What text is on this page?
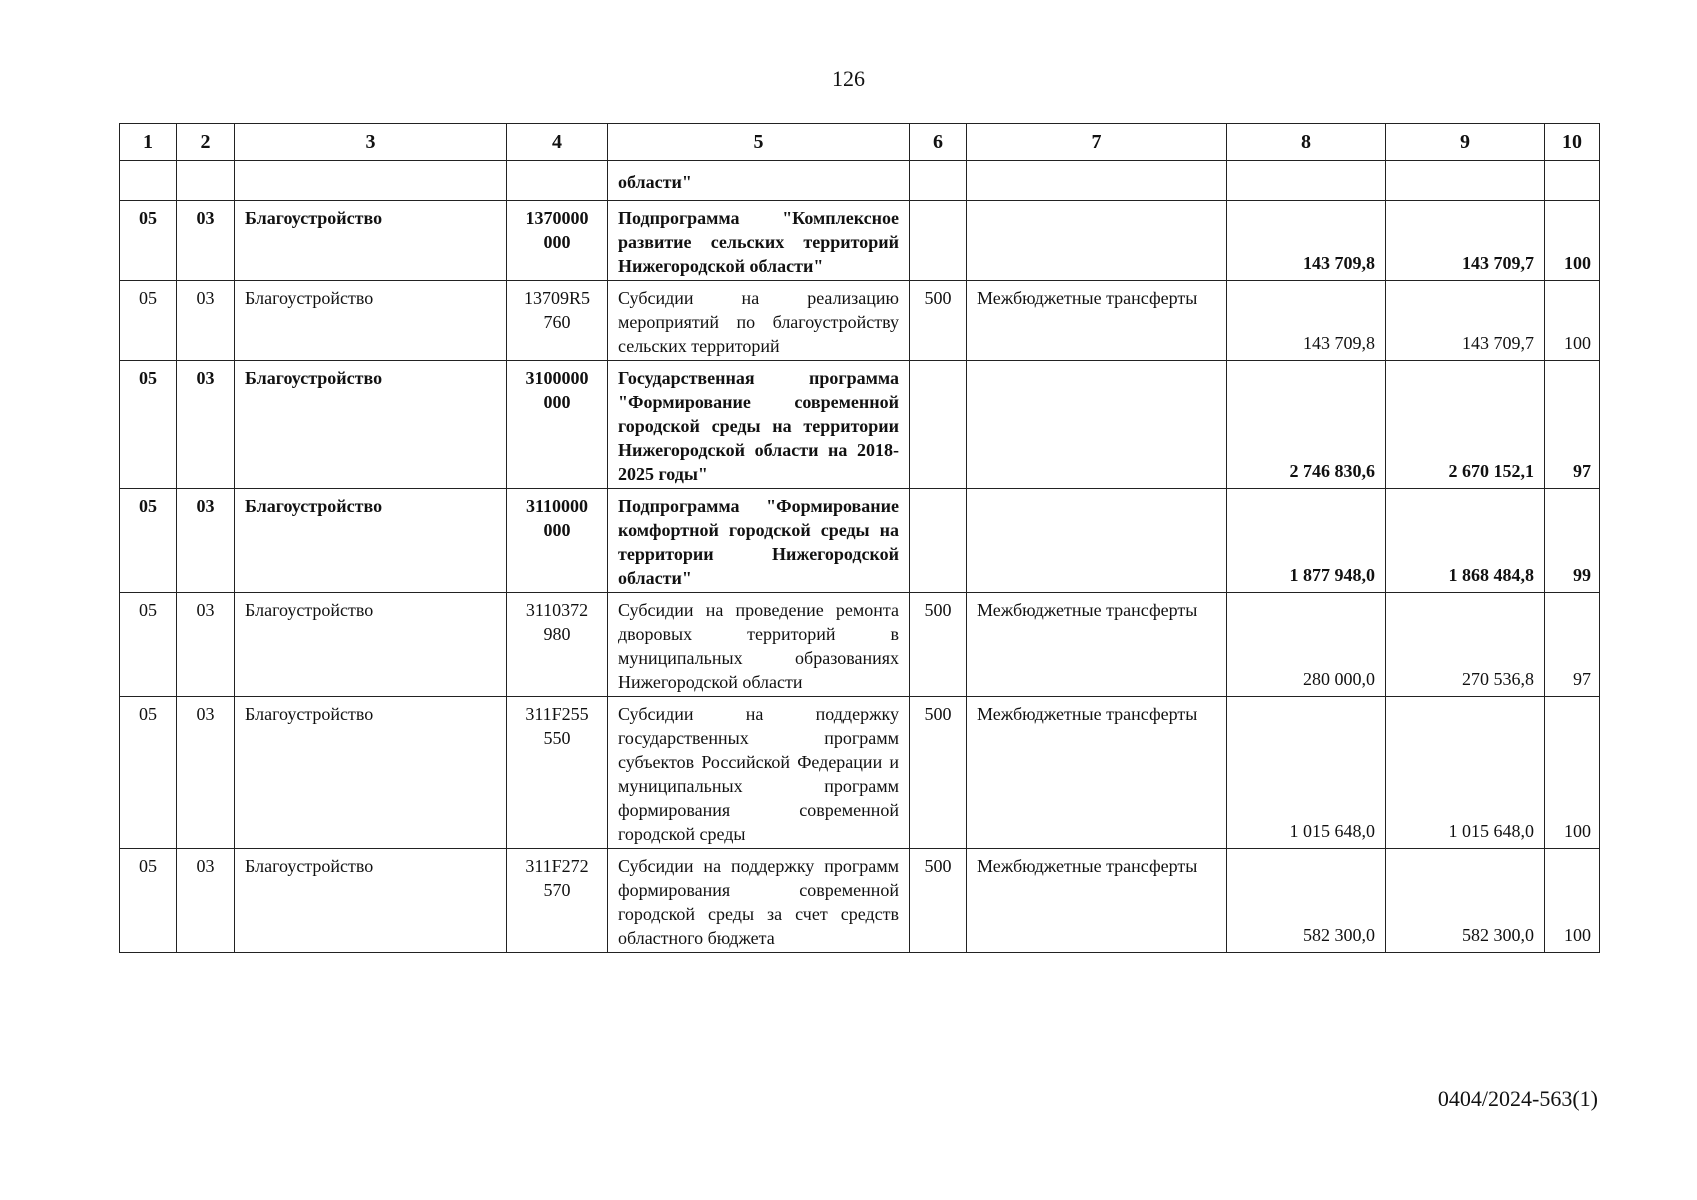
126
1	2	3	4	5	6	7	8	9	10
				области"					
05	03	Благоустройство	1370000 000	Подпрограмма "Комплексное развитие сельских территорий Нижегородской области"			143 709,8	143 709,7	100
05	03	Благоустройство	13709R5 760	Субсидии на реализацию мероприятий по благоустройству сельских территорий	500	Межбюджетные трансферты	143 709,8	143 709,7	100
05	03	Благоустройство	3100000 000	Государственная программа "Формирование современной городской среды на территории Нижегородской области на 2018-2025 годы"			2 746 830,6	2 670 152,1	97
05	03	Благоустройство	3110000 000	Подпрограмма "Формирование комфортной городской среды на территории Нижегородской области"			1 877 948,0	1 868 484,8	99
05	03	Благоустройство	3110372 980	Субсидии на проведение ремонта дворовых территорий в муниципальных образованиях Нижегородской области	500	Межбюджетные трансферты	280 000,0	270 536,8	97
05	03	Благоустройство	311F255 550	Субсидии на поддержку государственных программ субъектов Российской Федерации и муниципальных программ формирования современной городской среды	500	Межбюджетные трансферты	1 015 648,0	1 015 648,0	100
05	03	Благоустройство	311F272 570	Субсидии на поддержку программ формирования современной городской среды за счет средств областного бюджета	500	Межбюджетные трансферты	582 300,0	582 300,0	100
0404/2024-563(1)
